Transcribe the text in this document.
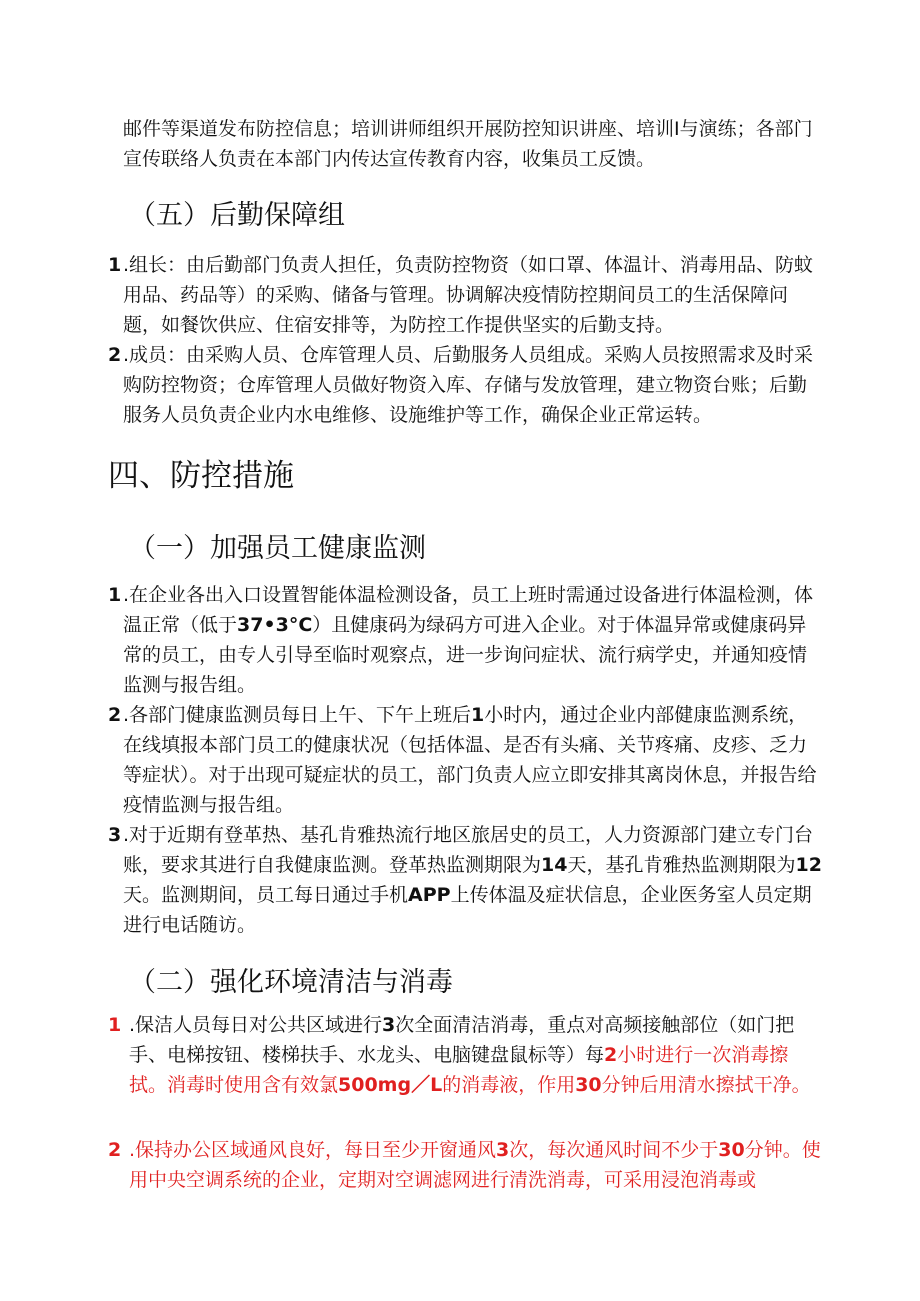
邮件等渠道发布防控信息；培训讲师组织开展防控知识讲座、培训Ⅰ与演练；各部门宣传联络人负责在本部门内传达宣传教育内容，收集员工反馈。

（五）后勤保障组
1 .组长：由后勤部门负责人担任，负责防控物资（如口罩、体温计、消毒用品、防蚊用品、药品等）的采购、储备与管理。协调解决疫情防控期间员工的生活保障问题，如餐饮供应、住宿安排等，为防控工作提供坚实的后勤支持。
2 .成员：由采购人员、仓库管理人员、后勤服务人员组成。采购人员按照需求及时采购防控物资；仓库管理人员做好物资入库、存储与发放管理，建立物资台账；后勤服务人员负责企业内水电维修、设施维护等工作，确保企业正常运转。
四、防控措施
（一）加强员工健康监测
1 .在企业各出入口设置智能体温检测设备，员工上班时需通过设备进行体温检测，体温正常（低于37•3°C）且健康码为绿码方可进入企业。对于体温异常或健康码异常的员工，由专人引导至临时观察点，进一步询问症状、流行病学史，并通知疫情监测与报告组。
2 .各部门健康监测员每日上午、下午上班后1小时内，通过企业内部健康监测系统，在线填报本部门员工的健康状况（包括体温、是否有头痛、关节疼痛、皮疹、乏力等症状）。对于出现可疑症状的员工，部门负责人应立即安排其离岗休息，并报告给疫情监测与报告组。
3 .对于近期有登革热、基孔肯雅热流行地区旅居史的员工，人力资源部门建立专门台账，要求其进行自我健康监测。登革热监测期限为14天，基孔肯雅热监测期限为12天。监测期间，员工每日通过手机APP上传体温及症状信息，企业医务室人员定期进行电话随访。
（二）强化环境清洁与消毒
1 .保洁人员每日对公共区域进行3次全面清洁消毒，重点对高频接触部位（如门把手、电梯按钮、楼梯扶手、水龙头、电脑键盘鼠标等）每2小时进行一次消毒擦拭。消毒时使用含有效氯500mg／L的消毒液，作用30分钟后用清水擦拭干净。
2 .保持办公区域通风良好，每日至少开窗通风3次，每次通风时间不少于30分钟。使用中央空调系统的企业，定期对空调滤网进行清洗消毒，可采用浸泡消毒或
